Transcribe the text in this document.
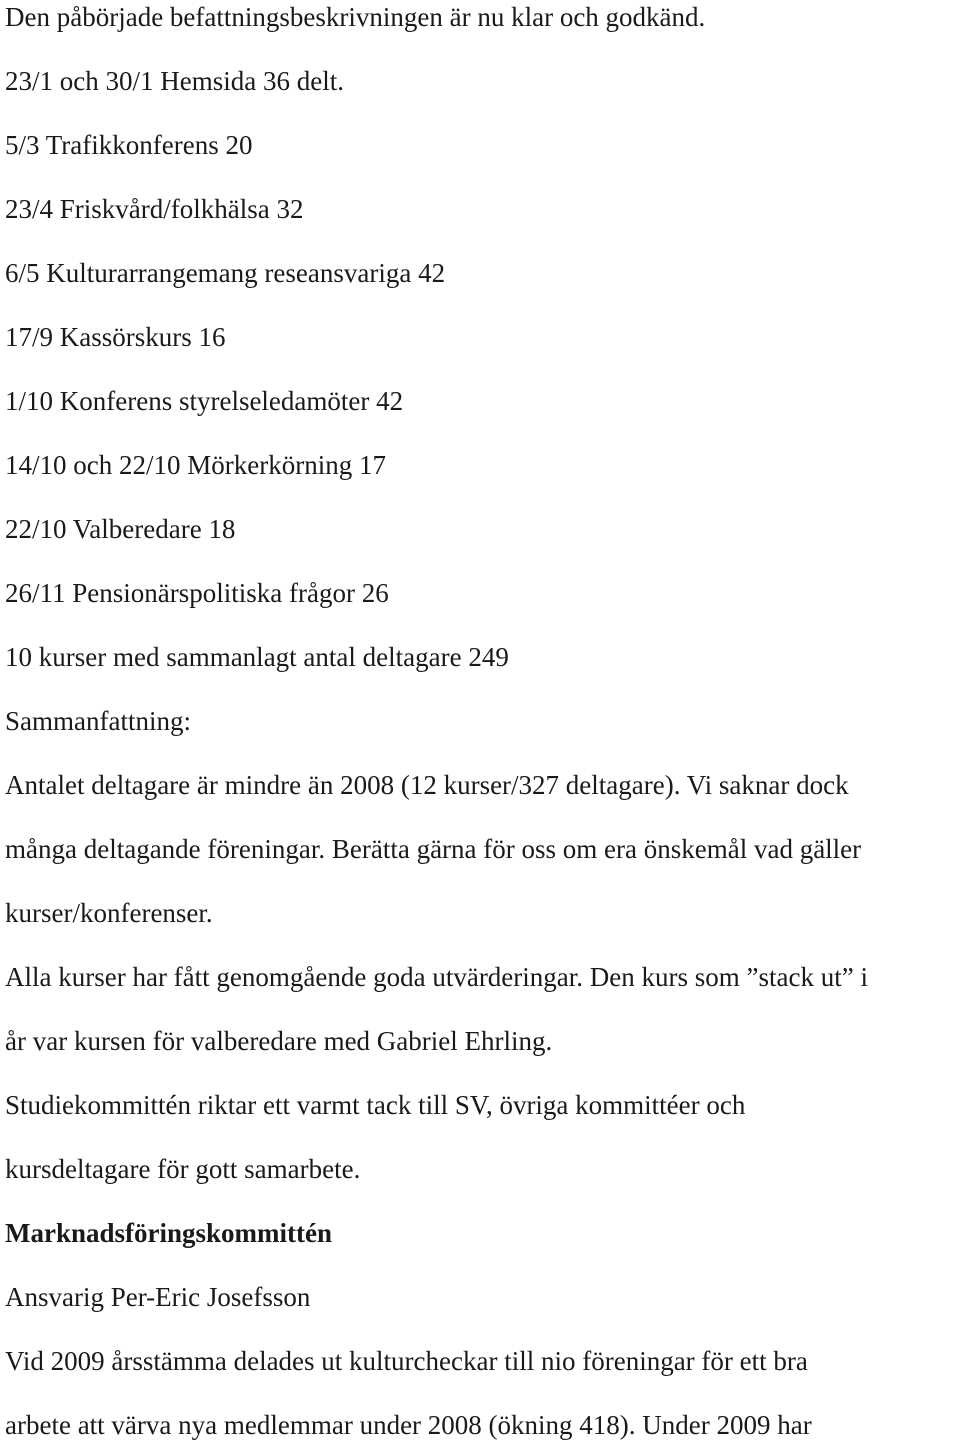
Den påbörjade befattningsbeskrivningen är nu klar och godkänd.
23/1 och 30/1 Hemsida 36 delt.
5/3 Trafikkonferens 20
23/4 Friskvård/folkhälsa 32
6/5 Kulturarrangemang reseansvariga 42
17/9 Kassörskurs 16
1/10 Konferens styrelseledamöter 42
14/10 och 22/10 Mörkerkörning 17
22/10 Valberedare 18
26/11 Pensionärspolitiska frågor 26
10 kurser med sammanlagt antal deltagare 249
Sammanfattning:
Antalet deltagare är mindre än 2008 (12 kurser/327 deltagare). Vi saknar dock
många deltagande föreningar. Berätta gärna för oss om era önskemål vad gäller
kurser/konferenser.
Alla kurser har fått genomgående goda utvärderingar. Den kurs som ”stack ut” i
år var kursen för valberedare med Gabriel Ehrling.
Studiekommittén riktar ett varmt tack till SV, övriga kommittéer och
kursdeltagare för gott samarbete.
Marknadsföringskommittén
Ansvarig Per-Eric Josefsson
Vid 2009 årsstämma delades ut kulturcheckar till nio föreningar för ett bra
arbete att värva nya medlemmar under 2008 (ökning 418). Under 2009 har
